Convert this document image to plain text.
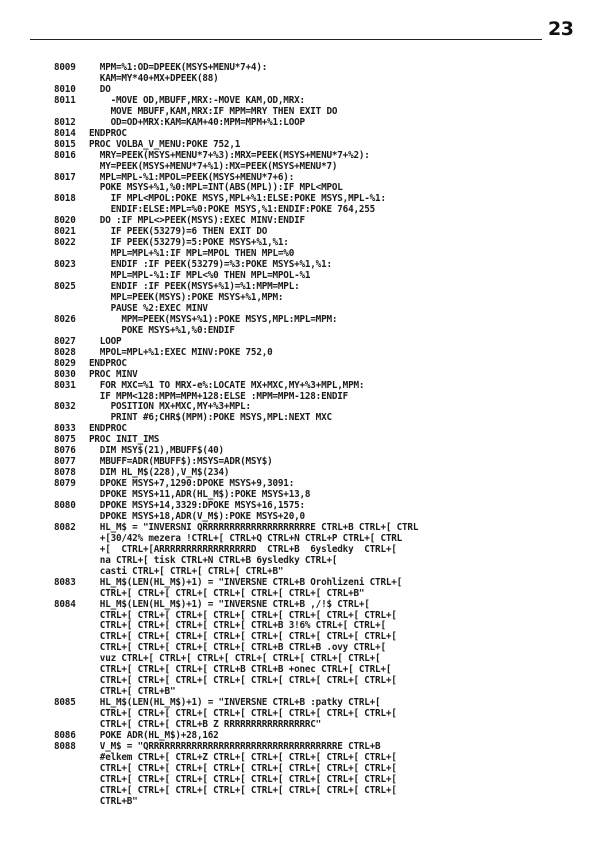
23
8009 MPM=%1:OD=DPEEK(MSYS+MENU*7+4):
KAM=MY*40+MX+DPEEK(88)
8010 DO
8011 -MOVE OD,MBUFF,MRX:-MOVE KAM,OD,MRX:
MOVE MBUFF,KAM,MRX:IF MPM=MRY THEN EXIT DO
8012 OD=OD+MRX:KAM=KAM+40:MPM=MPM+%1:LOOP
8014 ENDPROC
8015 PROC VOLBA_V_MENU:POKE 752,1
8016 MRY=PEEK(MSYS+MENU*7+%3):MRX=PEEK(MSYS+MENU*7+%2):
MY=PEEK(MSYS+MENU*7+%1):MX=PEEK(MSYS+MENU*7)
8017 MPL=MPL-%1:MPOL=PEEK(MSYS+MENU*7+6):
POKE MSYS+%1,%0:MPL=INT(ABS(MPL)):IF MPL<MPOL
8018 IF MPL<MPOL:POKE MSYS,MPL+%1:ELSE:POKE MSYS,MPL-%1:
ENDIF:ELSE:MPL=%0:POKE MSYS,%1:ENDIF:POKE 764,255
8020 DO :IF MPL<>PEEK(MSYS):EXEC MINV:ENDIF
8021 IF PEEK(53279)=6 THEN EXIT DO
8022 IF PEEK(53279)=5:POKE MSYS+%1,%1:
MPL=MPL+%1:IF MPL=MPOL THEN MPL=%0
8023 ENDIF :IF PEEK(53279)=%3:POKE MSYS+%1,%1:
MPL=MPL-%1:IF MPL<%0 THEN MPL=MPOL-%1
8025 ENDIF :IF PEEK(MSYS+%1)=%1:MPM=MPL:
MPL=PEEK(MSYS):POKE MSYS+%1,MPM:
PAUSE %2:EXEC MINV
8026 MPM=PEEK(MSYS+%1):POKE MSYS,MPL:MPL=MPM:
POKE MSYS+%1,%0:ENDIF
8027 LOOP
8028 MPOL=MPL+%1:EXEC MINV:POKE 752,0
8029 ENDPROC
8030 PROC MINV
8031 FOR MXC=%1 TO MRX-e%:LOCATE MX+MXC,MY+%3+MPL,MPM:
IF MPM<128:MPM=MPM+128:ELSE :MPM=MPM-128:ENDIF
8032 POSITION MX+MXC,MY+%3+MPL:
PRINT #6;CHR$(MPM):POKE MSYS,MPL:NEXT MXC
8033 ENDPROC
8075 PROC INIT_IMS
8076 DIM MSY$(21),MBUFF$(40)
8077 MBUFF=ADR(MBUFF$):MSYS=ADR(MSY$)
8078 DIM HL_M$(228),V_M$(234)
8079 DPOKE MSYS+7,1290:DPOKE MSYS+9,3091:
DPOKE MSYS+11,ADR(HL_M$):POKE MSYS+13,8
8080 DPOKE MSYS+14,3329:DPOKE MSYS+16,1575:
DPOKE MSYS+18,ADR(V_M$):POKE MSYS+20,0
8082 HL_M$ = "INVERSNI QRRRRRRRRRRRRRRRRRRRRE CTRL+B CTRL+[ CTRL
+[30/42% mezera !CTRL+[ CTRL+Q CTRL+N CTRL+P CTRL+[ CTRL
+[  CTRL+[ARRRRRRRRRRRRRRRRRD  CTRL+B  6ysledky  CTRL+[
na CTRL+[ tisk CTRL+N CTRL+B 6ysledky CTRL+[
casti CTRL+[ CTRL+[ CTRL+[ CTRL+B"
8083 HL_M$(LEN(HL_M$)+1) = "INVERSNE CTRL+B Orohlizeni CTRL+[
CTRL+[ CTRL+[ CTRL+[ CTRL+[ CTRL+[ CTRL+[ CTRL+B"
8084 HL_M$(LEN(HL_M$)+1) = "INVERSNE CTRL+B ,/!$ CTRL+[
CTRL+[ CTRL+[ CTRL+[ CTRL+[ CTRL+[ CTRL+[ CTRL+[ CTRL+[
CTRL+[ CTRL+[ CTRL+[ CTRL+[ CTRL+B 3!6% CTRL+[ CTRL+[
CTRL+[ CTRL+[ CTRL+[ CTRL+[ CTRL+[ CTRL+[ CTRL+[ CTRL+[
CTRL+[ CTRL+[ CTRL+[ CTRL+[ CTRL+B CTRL+B .ovy CTRL+[
vuz CTRL+[ CTRL+[ CTRL+[ CTRL+[ CTRL+[ CTRL+[ CTRL+[
CTRL+[ CTRL+[ CTRL+[ CTRL+B CTRL+B +onec CTRL+[ CTRL+[
CTRL+[ CTRL+[ CTRL+[ CTRL+[ CTRL+[ CTRL+[ CTRL+[ CTRL+[
CTRL+[ CTRL+B"
8085 HL_M$(LEN(HL_M$)+1) = "INVERSNE CTRL+B :patky CTRL+[
CTRL+[ CTRL+[ CTRL+[ CTRL+[ CTRL+[ CTRL+[ CTRL+[ CTRL+[
CTRL+[ CTRL+[ CTRL+B Z RRRRRRRRRRRRRRRRC"
8086 POKE ADR(HL_M$)+28,162
8088 V_M$ = "QRRRRRRRRRRRRRRRRRRRRRRRRRRRRRRRRRRRE CTRL+B
#elkem CTRL+[ CTRL+Z CTRL+[ CTRL+[ CTRL+[ CTRL+[ CTRL+[
CTRL+[ CTRL+[ CTRL+[ CTRL+[ CTRL+[ CTRL+[ CTRL+[ CTRL+[
CTRL+[ CTRL+[ CTRL+[ CTRL+[ CTRL+[ CTRL+[ CTRL+[ CTRL+[
CTRL+[ CTRL+[ CTRL+[ CTRL+[ CTRL+[ CTRL+[ CTRL+[ CTRL+[
CTRL+B"
